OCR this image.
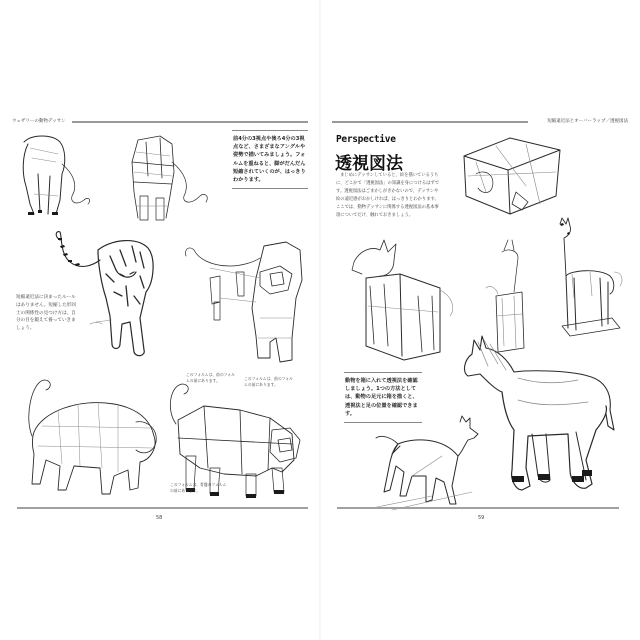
ウェザリーの動物デッサン
前4分の3視点や後ろ4分の3視点など、さまざまなアングルや姿勢で描いてみましょう。フォルムを重ねると、脚がだんだん短縮されていくのが、はっきりわかります。
短縮遠近法に決まったルールはありません。短縮した形同士の関係性の見つけ方は、自分の目を鍛えて養っていきましょう。
このフォルムは、前のフォルムの前にあります。	このフォルムは、前のフォルムの前にあります。
このフォルムは、骨盤のフォルムの前にあります。
58
短縮遠近法とオーバーラップ／透視図法
Perspective
透視図法
まじめにデッサンしていると、絵を描いているうちに、どこかで「透視図法」の知識を身につけるはずです。透視図法はごまかしがきかないので、デッサンや絵の遠近感がおかしければ、はっきりとわかります。ここでは、動物デッサンに関係する透視図法の基本事項についてだけ、触れておきましょう。
動物を箱に入れて透視法を確認しましょう。1つの方法としては、動物の足元に箱を描くと、透視法と足の位置を確認できます。
59
